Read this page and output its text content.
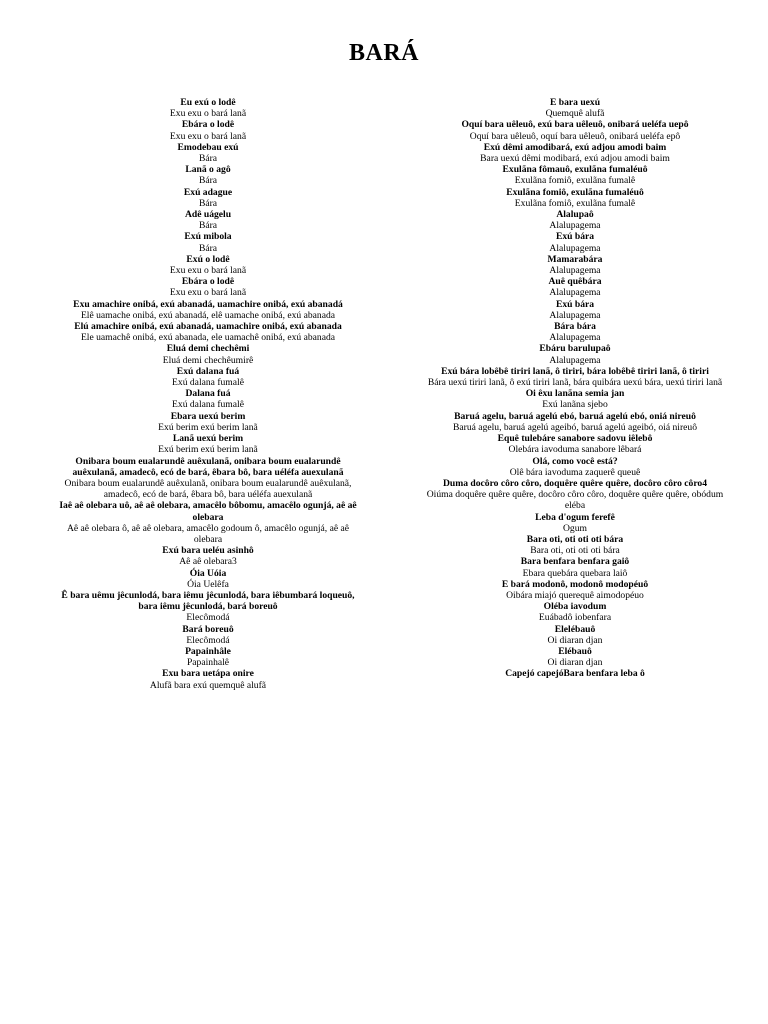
BARÁ
Eu exú o lodê
Exu exu o bará lanã
Ebára o lodê
Exu exu o bará lanã
Emodebau exú
Bára
Lanã o agô
Bára
Exú adague
Bára
Adê uágelu
Bára
Exú mibola
Bára
Exú o lodê
Exu exu o bará lanã
Ebára o lodê
Exu exu o bará lanã
Exu amachire onibá, exú abanadá, uamachire onibá, exú abanadá
Elê uamache onibá, exú abanadá, elê uamache onibá, exú abanada
Elú amachire onibá, exú abanadá, uamachire onibá, exú abanada
Ele uamachê onibá, exú abanada, ele uamachê onibá, exú abanada
Eluá demi chechêmi
Eluá demi chechêumirê
Exú dalana fuá
Exú dalana fumalê
Dalana fuá
Exú dalana fumalê
Ebara uexú berim
Exú berim exú berim lanã
Lanã uexú berim
Exú berim exú berim lanã
Onibara boum eualarundê auêxulanã, onibara boum eualarundê auêxulanã, amadecô, ecó de bará, êbara bô, bara uéléfa auexulanã
Onibara boum eualarundê auêxulanã, onibara boum eualarundê auêxulanã, amadecô, ecó de bará, êbara bô, bara uéléfa auexulanã
Iaê aê olebara uô, aê aê olebara, amacêlo bôbomu, amacêlo ogunjá, aê aê olebara
Aê aê olebara ô, aê aê olebara, amacêlo godoum ô, amacêlo ogunjá, aê aê olebara
Exú bara ueléu asinhô
Aê aê olebara3
Óia Uóia
Óia Uelêfa
Ê bara uêmu jêcunlodá, bara iêmu jêcunlodá, bara iêbumbará loqueuô, bara iêmu jêcunlodá, bará boreuô
Elecômodá
Bará boreuô
Elecômodá
Papainhâle
Papainhalê
Exu bara uetápa onire
Alufã bara exú quemquê alufã
E bara uexú
Quemquê alufã
Oquí bara uêleuô, exú bara uêleuô, onibará ueléfa uepô
Oquí bara uêleuô, oquí bara uêleuô, onibará ueléfa epô
Exú dêmi amodibará, exú adjou amodi baim
Bara uexú dêmi modibará, exú adjou amodi baim
Exulãna fômauô, exulãna fumaléuô
Exulãna fomiô, exulãna fumalê
Exulãna fomiô, exulãna fumaléuô
Exulãna fomiô, exulãna fumalê
Alalupaô
Alalupagema
Exú bára
Alalupagema
Mamarabára
Alalupagema
Auê quêbára
Alalupagema
Exú bára
Alalupagema
Bára bára
Alalupagema
Ebáru barulupaô
Alalupagema
Exú bára lobêbê tiriri lanã, ô tiriri, bára lobêbê tiriri lanã, ô tiriri
Bára uexú tiriri lanã, ô exú tiriri lanã, bára quibára uexú bára, uexú tiriri lanã
Oi êxu lanãna semia jan
Exú lanãna sjebo
Baruá agelu, baruá agelú ebó, baruá agelú ebó, oniá nireuô
Baruá agelu, baruá agelú ageibó, baruá agelú ageibó, oiá nireuô
Equê tulebáre sanabore sadovu iêlebô
Olebára iavoduma sanabore lêbará
Olá, como você está?
Olê bára iavoduma zaquerê queuê
Duma docôro côro côro, doquêre quêre quêre, docôro côro côro4
Oiúma doquêre quêre quêre, docôro côro côro, doquêre quêre quêre, obódum eléba
Leba d'ogum ferefê
Ogum
Bara oti, oti oti oti bára
Bara oti, oti oti oti bára
Bara benfara benfara gaiô
Ebara quebára quebara laiô
E bará modonô, modonô modopéuô
Oibára miajó querequê aimodopéuo
Oléba iavodum
Euábadô iobenfara
Elelébauô
Oi diaran djan
Elébauô
Oi diaran djan
Capejó capejóBara benfara leba ô
